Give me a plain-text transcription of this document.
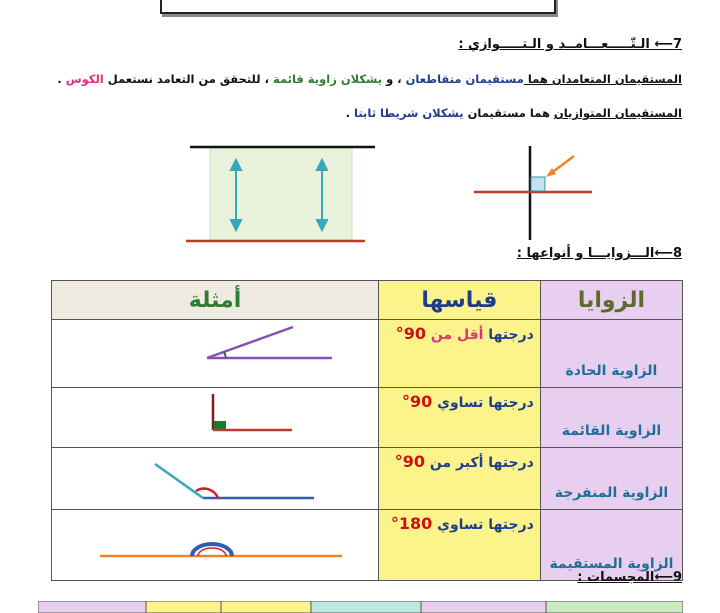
7⟵ الـتّـــــعـــامــد و الـتـــــوازي :
المستقيمان المتعامدان هما مستقيمان متقاطعان ، و يشكلان زاوية قائمة ، للتحقق من التعامد نستعمل الكوس .
المستقيمان المتوازيان هما مستقيمان يشكلان شريطا ثابتا .
8⟵الـــزوايـــا و أنواعها :
أمثلة	قياسها	الزوايا

درجتها أقل من 90°	الزاوية الحادة

درجتها تساوي 90°	الزاوية القائمة

درجتها أكبر من 90°	الزاوية المنفرجة

درجتها تساوي 180°	الزاوية المستقيمة
9⟵المجسمات :
